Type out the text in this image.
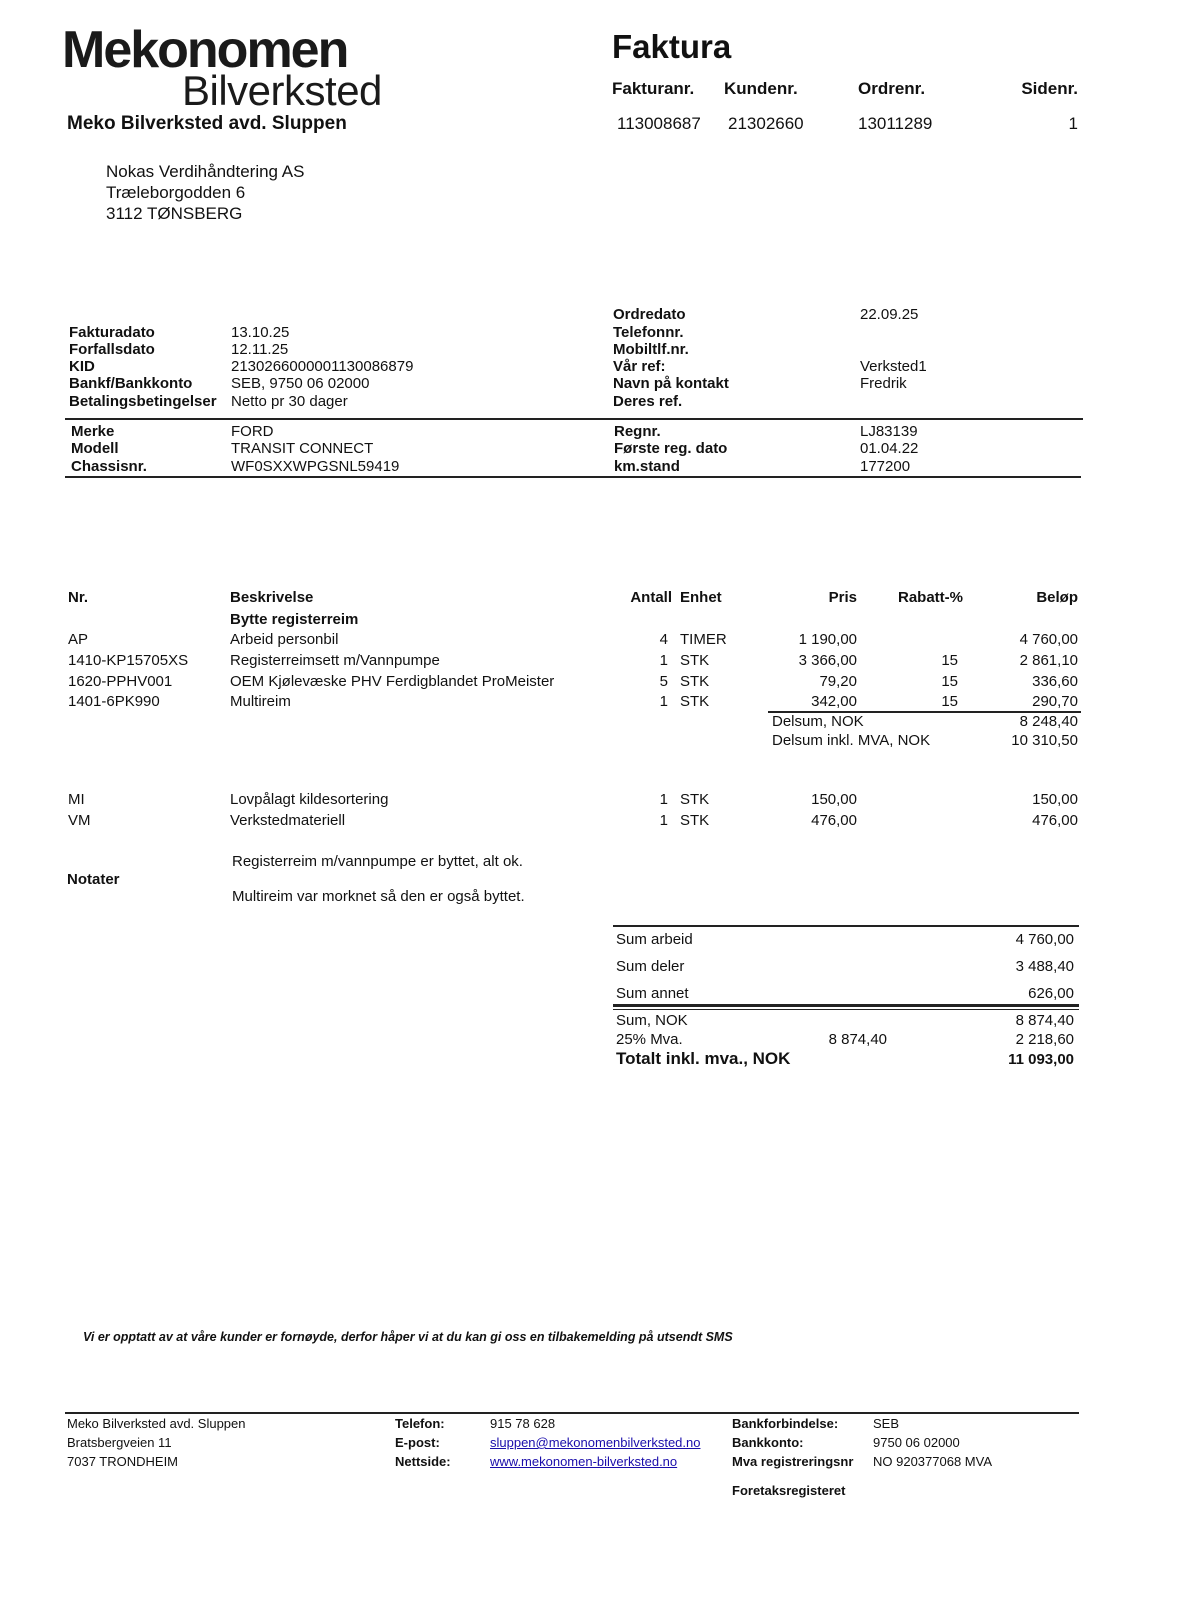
Mekonomen
Bilverksted
Meko Bilverksted avd. Sluppen
Faktura
Fakturanr. Kundenr.	Ordrenr.	Sidenr.
113008687 21302660	13011289	1
Nokas Verdihåndtering AS
Træleborgodden 6
3112 TØNSBERG
Fakturadato	13.10.25
Forfallsdato	12.11.25
KID	2130266000001130086879
Bankf/Bankkonto	SEB, 9750 06 02000
Betalingsbetingelser Netto pr 30 dager
Ordredato	22.09.25
Telefonnr.
Mobiltlf.nr.
Vår ref:	Verksted1
Navn på kontakt	Fredrik
Deres ref.
Merke	FORD
Modell	TRANSIT CONNECT
Chassisnr.	WF0SXXWPGSNL59419
Regnr.	LJ83139
Første reg. dato	01.04.22
km.stand	177200
Nr.	Beskrivelse	Antall Enhet	Pris	Rabatt-%	Beløp
Bytte registerreim
AP	Arbeid personbil	4 TIMER	1 190,00	4 760,00
1410-KP15705XS	Registerreimsett m/Vannpumpe	1 STK	3 366,00	15	2 861,10
1620-PPHV001	OEM Kjølevæske PHV Ferdigblandet ProMeister	5 STK	79,20	15	336,60
1401-6PK990	Multireim	1 STK	342,00	15	290,70
Delsum, NOK	8 248,40
Delsum inkl. MVA, NOK	10 310,50
MI	Lovpålagt kildesortering	1 STK	150,00	150,00
VM	Verkstedmateriell	1 STK	476,00	476,00
Registerreim m/vannpumpe er byttet, alt ok.
Notater
Multireim var morknet så den er også byttet.
Sum arbeid	4 760,00
Sum deler	3 488,40
Sum annet	626,00
Sum, NOK	8 874,40
25% Mva.	8 874,40	2 218,60
Totalt inkl. mva., NOK	11 093,00
Vi er opptatt av at våre kunder er fornøyde, derfor håper vi at du kan gi oss en tilbakemelding på utsendt SMS
Meko Bilverksted avd. Sluppen
Bratsbergveien 11
7037 TRONDHEIM
Telefon:	915 78 628
E-post:	sluppen@mekonomenbilverksted.no
Nettside:	www.mekonomen-bilverksted.no
Bankforbindelse:	SEB
Bankkonto:	9750 06 02000
Mva registreringsnr NO 920377068 MVA
Foretaksregisteret
